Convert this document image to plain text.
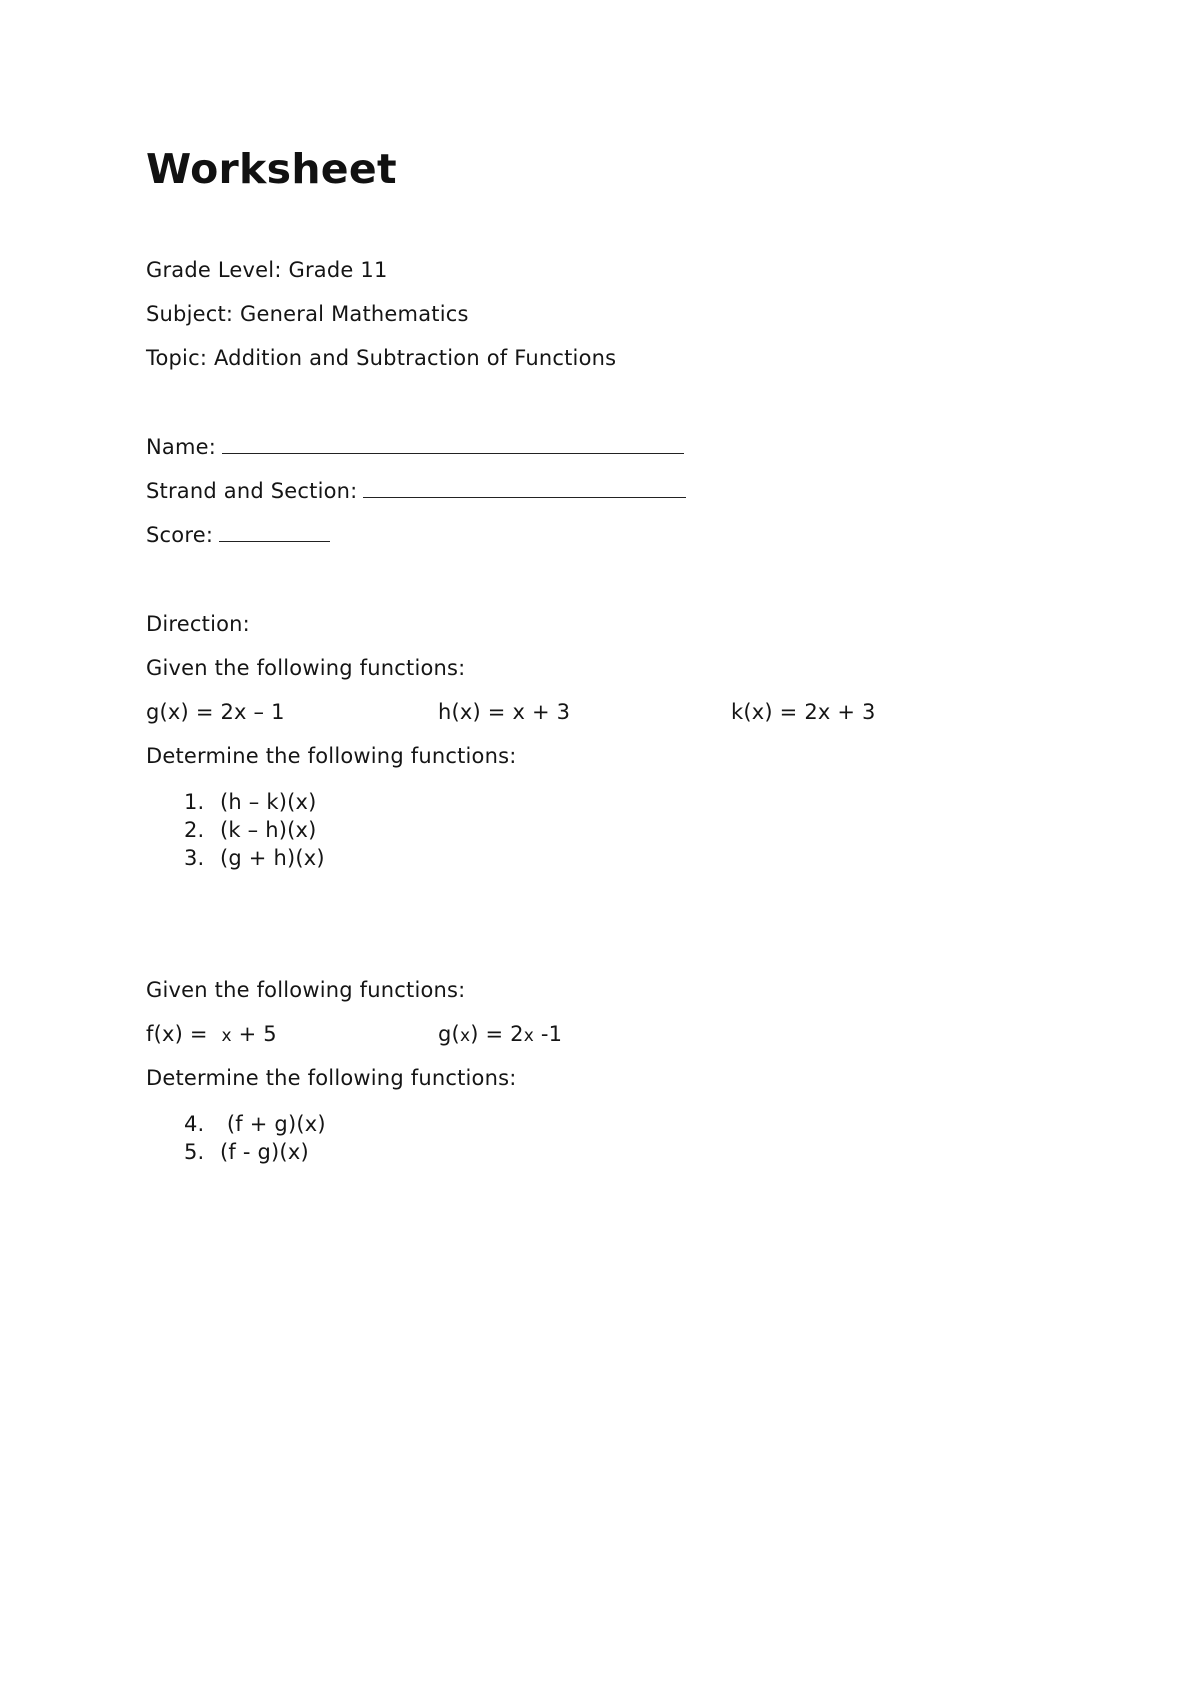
Worksheet
Grade Level: Grade 11
Subject: General Mathematics
Topic: Addition and Subtraction of Functions
Name:
Strand and Section:
Score:
Direction:
Given the following functions:
g(x) = 2x – 1	h(x) = x + 3	k(x) = 2x + 3
Determine the following functions:
1. (h – k)(x)
2. (k – h)(x)
3. (g + h)(x)
Given the following functions:
f(x) =  x + 5	g(x) = 2x -1
Determine the following functions:
4. (f + g)(x)
5. (f - g)(x)
